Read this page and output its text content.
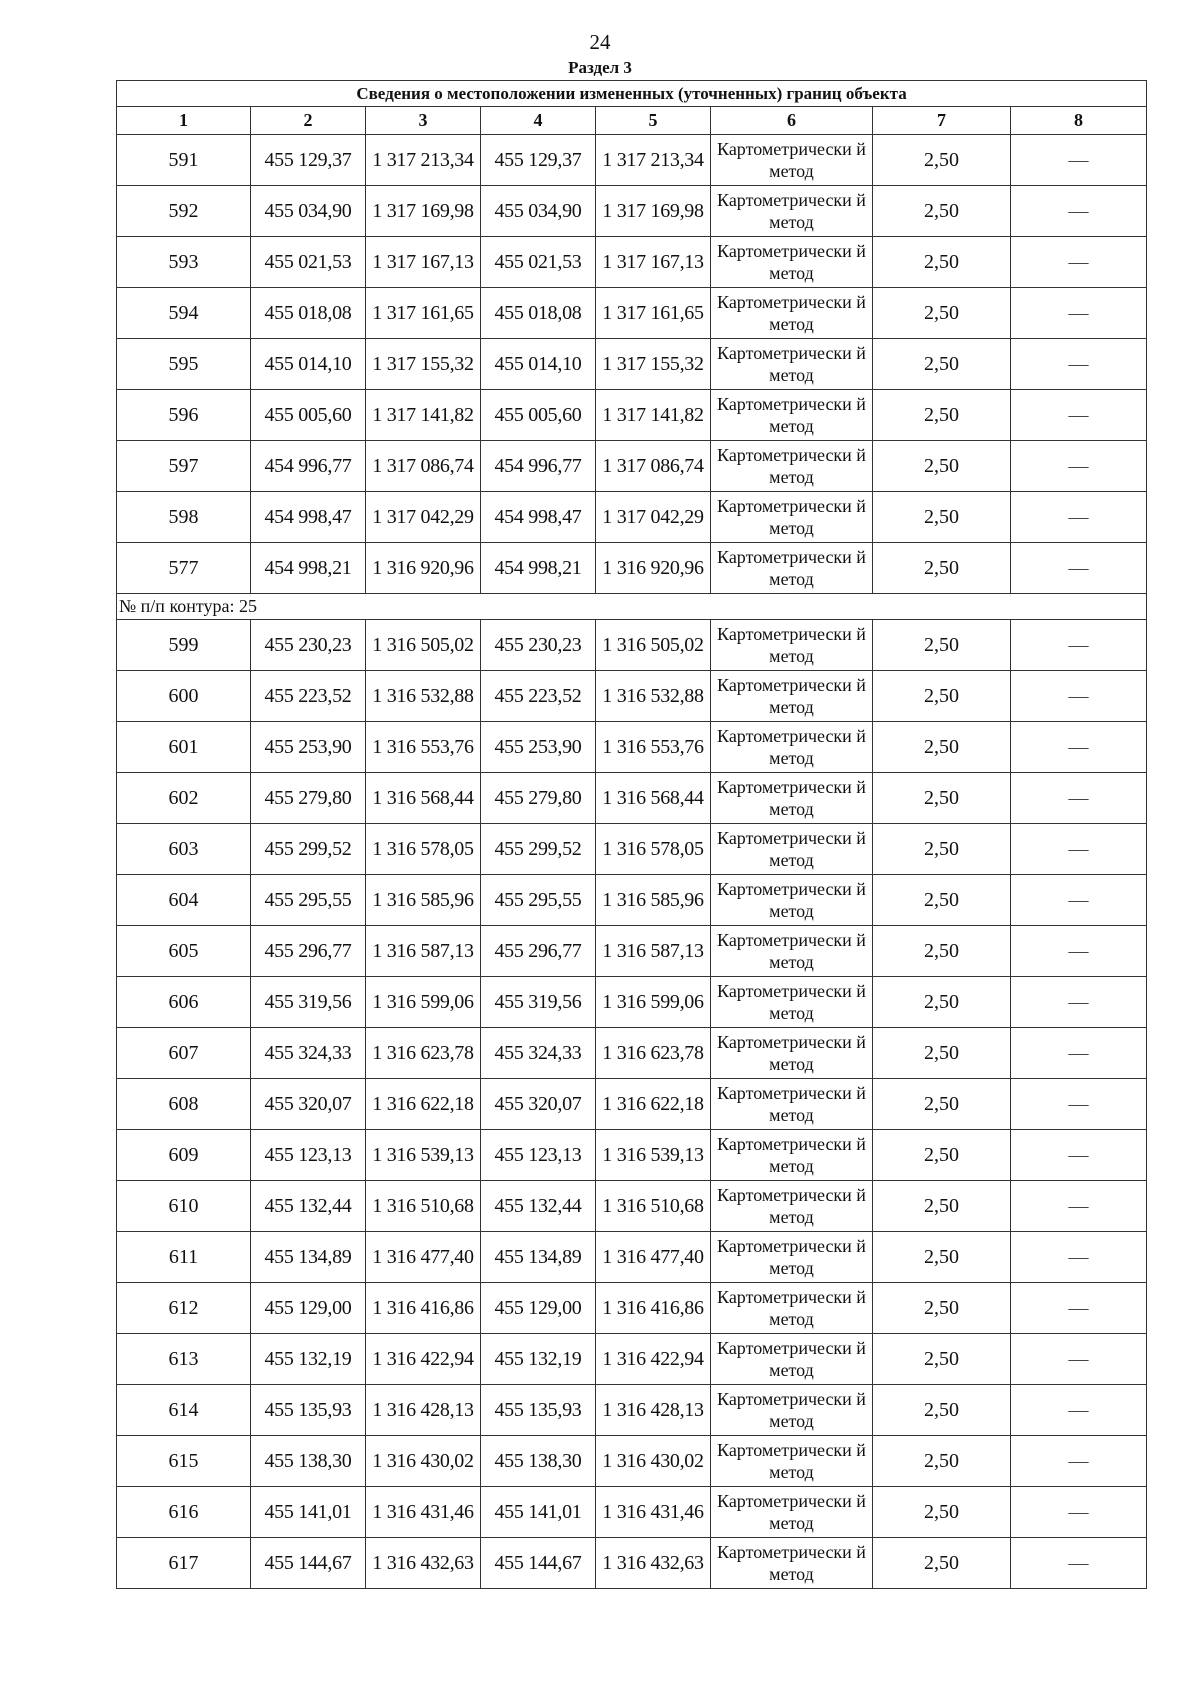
24
Раздел 3
Сведения о местоположении измененных (уточненных) границ объекта							
1	2	3	4	5	6	7	8
591	455 129,37	1 317 213,34	455 129,37	1 317 213,34	Картометрически й метод	2,50	—
592	455 034,90	1 317 169,98	455 034,90	1 317 169,98	Картометрически й метод	2,50	—
593	455 021,53	1 317 167,13	455 021,53	1 317 167,13	Картометрически й метод	2,50	—
594	455 018,08	1 317 161,65	455 018,08	1 317 161,65	Картометрически й метод	2,50	—
595	455 014,10	1 317 155,32	455 014,10	1 317 155,32	Картометрически й метод	2,50	—
596	455 005,60	1 317 141,82	455 005,60	1 317 141,82	Картометрически й метод	2,50	—
597	454 996,77	1 317 086,74	454 996,77	1 317 086,74	Картометрически й метод	2,50	—
598	454 998,47	1 317 042,29	454 998,47	1 317 042,29	Картометрически й метод	2,50	—
577	454 998,21	1 316 920,96	454 998,21	1 316 920,96	Картометрически й метод	2,50	—
№ п/п контура: 25							
599	455 230,23	1 316 505,02	455 230,23	1 316 505,02	Картометрически й метод	2,50	—
600	455 223,52	1 316 532,88	455 223,52	1 316 532,88	Картометрически й метод	2,50	—
601	455 253,90	1 316 553,76	455 253,90	1 316 553,76	Картометрически й метод	2,50	—
602	455 279,80	1 316 568,44	455 279,80	1 316 568,44	Картометрически й метод	2,50	—
603	455 299,52	1 316 578,05	455 299,52	1 316 578,05	Картометрически й метод	2,50	—
604	455 295,55	1 316 585,96	455 295,55	1 316 585,96	Картометрически й метод	2,50	—
605	455 296,77	1 316 587,13	455 296,77	1 316 587,13	Картометрически й метод	2,50	—
606	455 319,56	1 316 599,06	455 319,56	1 316 599,06	Картометрически й метод	2,50	—
607	455 324,33	1 316 623,78	455 324,33	1 316 623,78	Картометрически й метод	2,50	—
608	455 320,07	1 316 622,18	455 320,07	1 316 622,18	Картометрически й метод	2,50	—
609	455 123,13	1 316 539,13	455 123,13	1 316 539,13	Картометрически й метод	2,50	—
610	455 132,44	1 316 510,68	455 132,44	1 316 510,68	Картометрически й метод	2,50	—
611	455 134,89	1 316 477,40	455 134,89	1 316 477,40	Картометрически й метод	2,50	—
612	455 129,00	1 316 416,86	455 129,00	1 316 416,86	Картометрически й метод	2,50	—
613	455 132,19	1 316 422,94	455 132,19	1 316 422,94	Картометрически й метод	2,50	—
614	455 135,93	1 316 428,13	455 135,93	1 316 428,13	Картометрически й метод	2,50	—
615	455 138,30	1 316 430,02	455 138,30	1 316 430,02	Картометрически й метод	2,50	—
616	455 141,01	1 316 431,46	455 141,01	1 316 431,46	Картометрически й метод	2,50	—
617	455 144,67	1 316 432,63	455 144,67	1 316 432,63	Картометрически й метод	2,50	—
